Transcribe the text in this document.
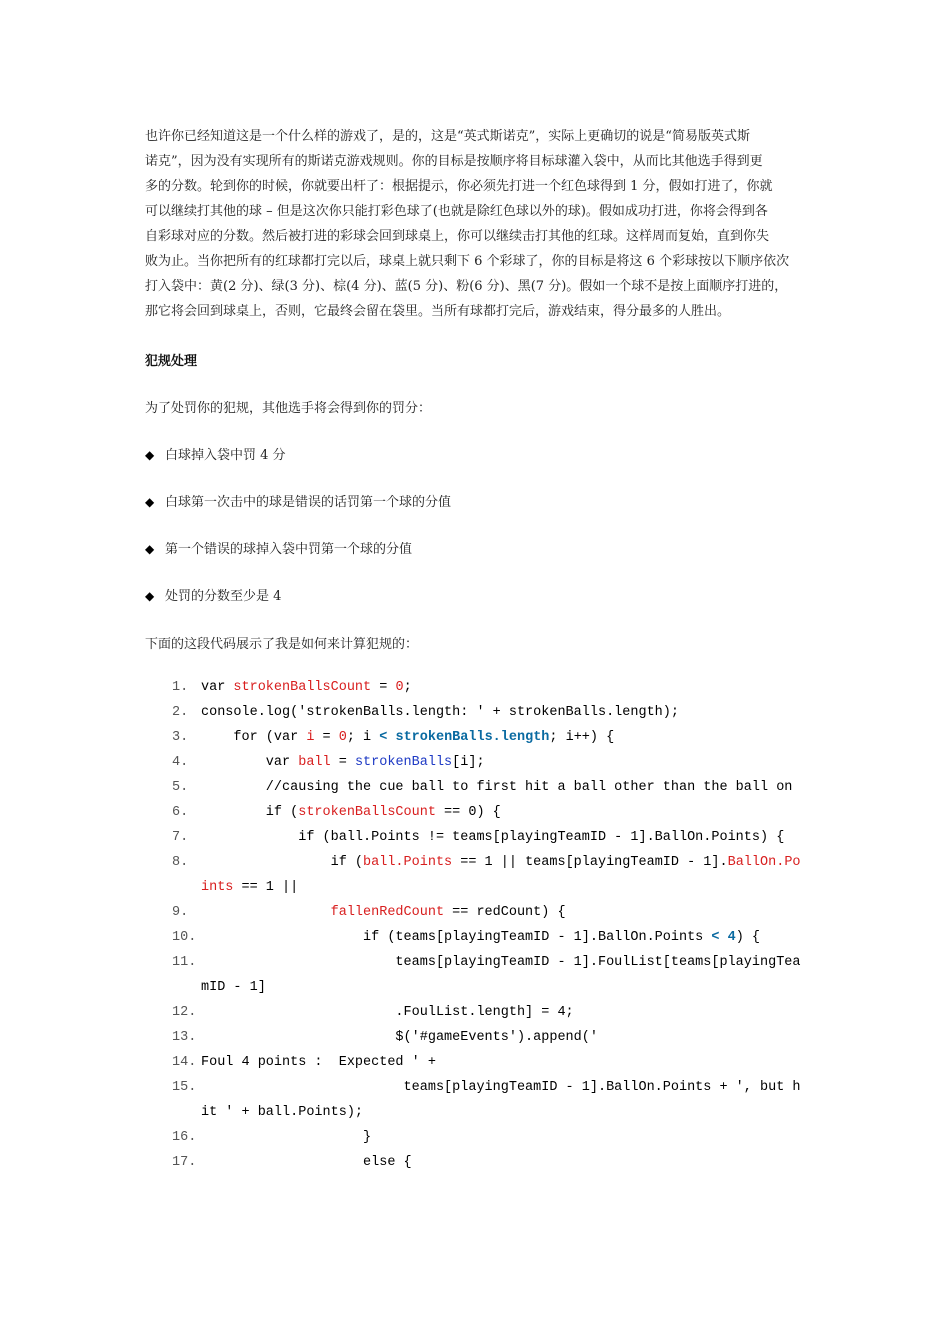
也许你已经知道这是一个什么样的游戏了，是的，这是“英式斯诺克”，实际上更确切的说是“简易版英式斯
诺克”，因为没有实现所有的斯诺克游戏规则。你的目标是按顺序将目标球灌入袋中，从而比其他选手得到更
多的分数。轮到你的时候，你就要出杆了：根据提示，你必须先打进一个红色球得到 1 分，假如打进了，你就
可以继续打其他的球 – 但是这次你只能打彩色球了(也就是除红色球以外的球)。假如成功打进，你将会得到各
自彩球对应的分数。然后被打进的彩球会回到球桌上，你可以继续击打其他的红球。这样周而复始，直到你失
败为止。当你把所有的红球都打完以后，球桌上就只剩下 6 个彩球了，你的目标是将这 6 个彩球按以下顺序依次
打入袋中：黄(2 分)、绿(3 分)、棕(4 分)、蓝(5 分)、粉(6 分)、黑(7 分)。假如一个球不是按上面顺序打进的，
那它将会回到球桌上，否则，它最终会留在袋里。当所有球都打完后，游戏结束，得分最多的人胜出。
犯规处理
为了处罚你的犯规，其他选手将会得到你的罚分：
◆ 白球掉入袋中罚 4 分
◆ 白球第一次击中的球是错误的话罚第一个球的分值
◆ 第一个错误的球掉入袋中罚第一个球的分值
◆ 处罚的分数至少是 4
下面的这段代码展示了我是如何来计算犯规的：
1. var strokenBallsCount = 0;
2. console.log('strokenBalls.length: ' + strokenBalls.length);
3. for (var i = 0; i < strokenBalls.length; i++) {
4. var ball = strokenBalls[i];
5. //causing the cue ball to first hit a ball other than the ball on
6. if (strokenBallsCount == 0) {
7. if (ball.Points != teams[playingTeamID - 1].BallOn.Points) {
8. if (ball.Points == 1 || teams[playingTeamID - 1].BallOn.Po
ints == 1 ||
9.	fallenRedCount == redCount) {
10. if (teams[playingTeamID - 1].BallOn.Points < 4) {
11. teams[playingTeamID - 1].FoulList[teams[playingTea
mID - 1]
12. .FoulList.length] = 4;
13. $('#gameEvents').append('
14. Foul 4 points :  Expected ' +
15. teams[playingTeamID - 1].BallOn.Points + ', but h
it ' + ball.Points);
16. }
17. else {
